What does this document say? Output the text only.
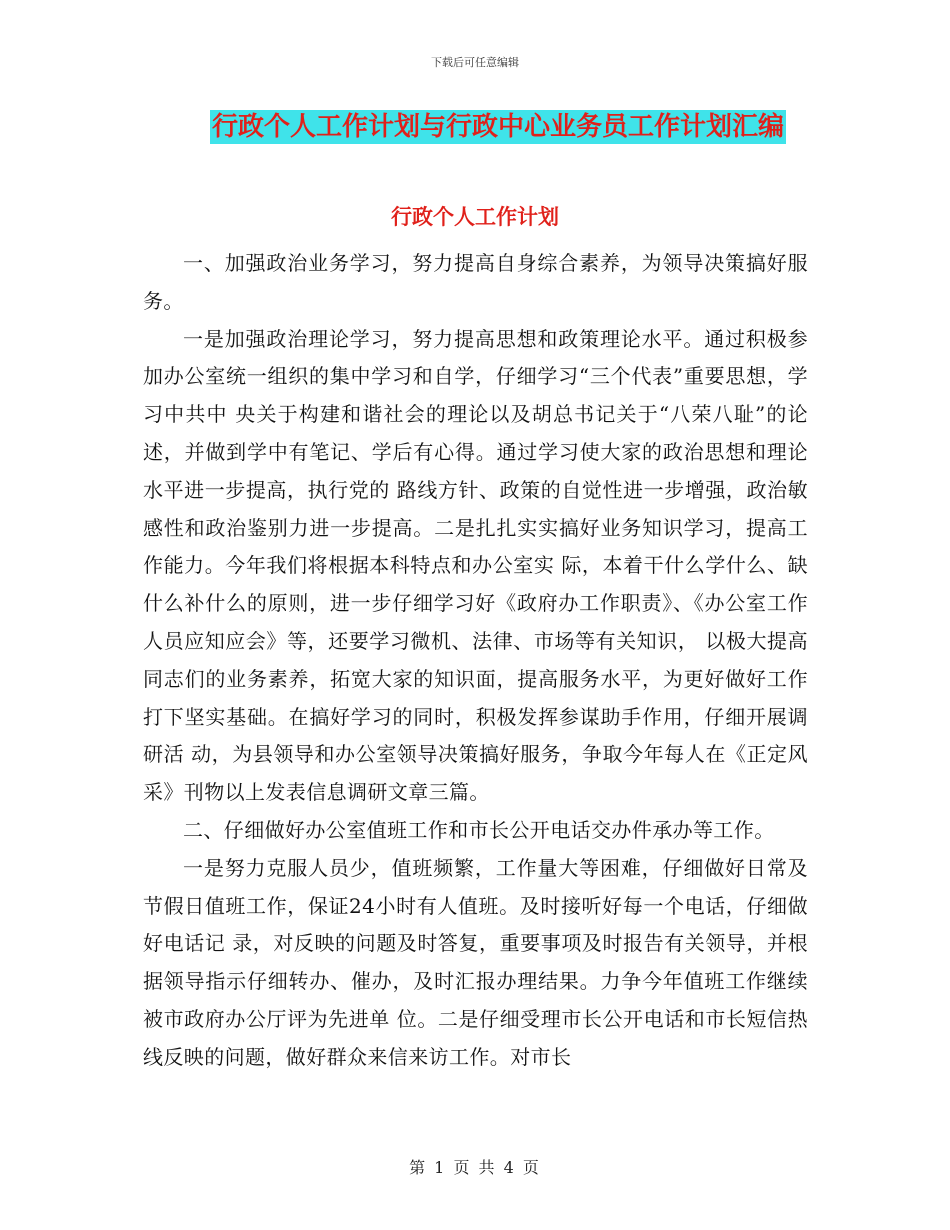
下载后可任意编辑
行政个人工作计划与行政中心业务员工作计划汇编
行政个人工作计划

一、加强政治业务学习，努力提高自身综合素养，为领导决策搞好服务。

一是加强政治理论学习，努力提高思想和政策理论水平。通过积极参加办公室统一组织的集中学习和自学，仔细学习“三个代表”重要思想，学习中共中 央关于构建和谐社会的理论以及胡总书记关于“八荣八耻”的论述，并做到学中有笔记、学后有心得。通过学习使大家的政治思想和理论水平进一步提高，执行党的 路线方针、政策的自觉性进一步增强，政治敏感性和政治鉴别力进一步提高。二是扎扎实实搞好业务知识学习，提高工作能力。今年我们将根据本科特点和办公室实 际，本着干什么学什么、缺什么补什么的原则，进一步仔细学习好《政府办工作职责》、《办公室工作人员应知应会》等，还要学习微机、法律、市场等有关知识， 以极大提高同志们的业务素养，拓宽大家的知识面，提高服务水平，为更好做好工作打下坚实基础。在搞好学习的同时，积极发挥参谋助手作用，仔细开展调研活 动，为县领导和办公室领导决策搞好服务，争取今年每人在《正定风采》刊物以上发表信息调研文章三篇。

二、仔细做好办公室值班工作和市长公开电话交办件承办等工作。

一是努力克服人员少，值班频繁，工作量大等困难，仔细做好日常及节假日值班工作，保证24小时有人值班。及时接听好每一个电话，仔细做好电话记 录，对反映的问题及时答复，重要事项及时报告有关领导，并根据领导指示仔细转办、催办，及时汇报办理结果。力争今年值班工作继续被市政府办公厅评为先进单 位。二是仔细受理市长公开电话和市长短信热线反映的问题，做好群众来信来访工作。对市长

第 1 页 共 4 页
